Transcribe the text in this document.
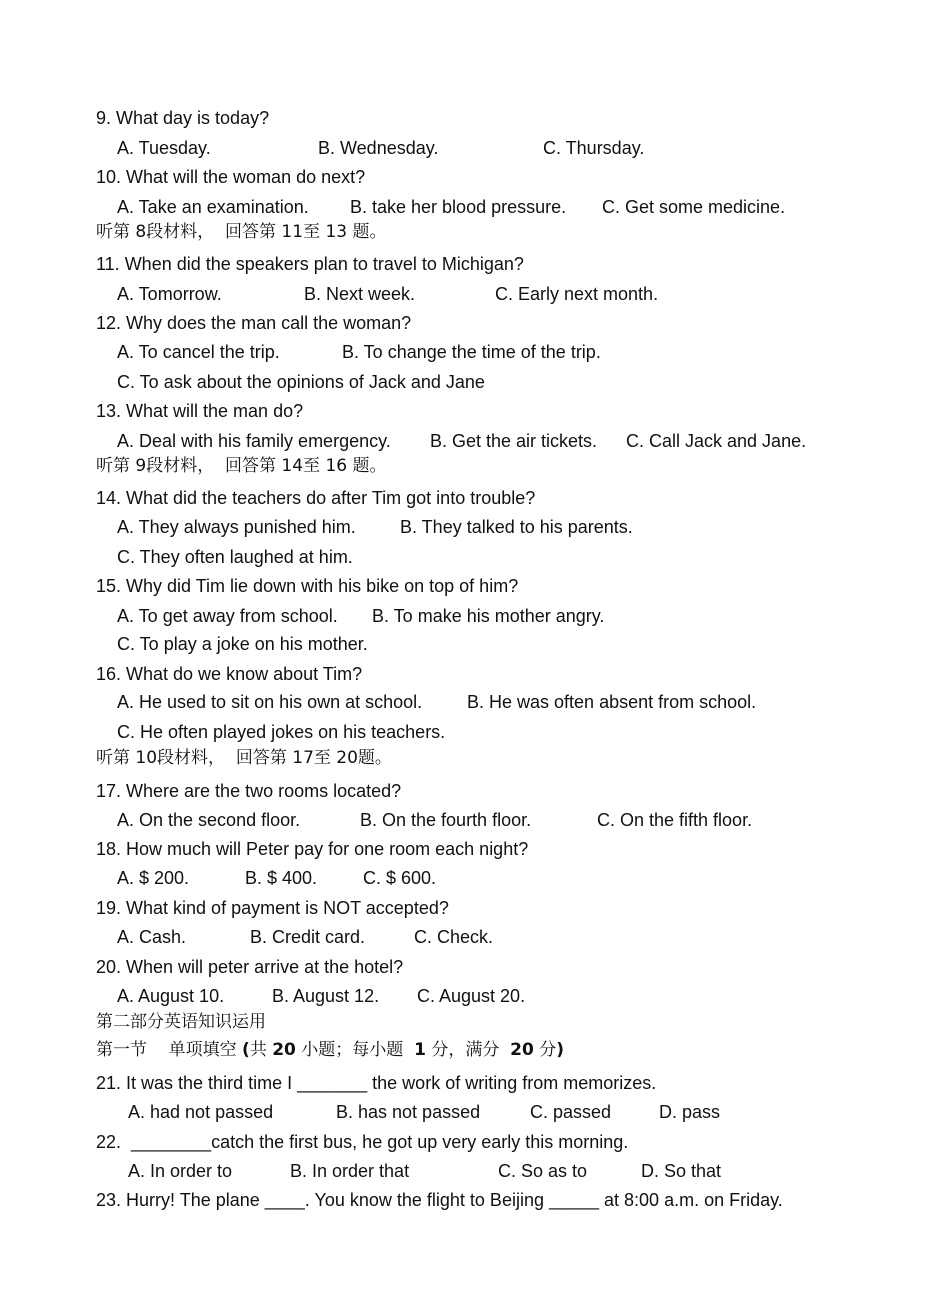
9. What day is today?
A. Tuesday.	B. Wednesday.	C. Thursday.
10. What will the woman do next?
A. Take an examination. B. take her blood pressure. C. Get some medicine.
听第 8段材料，  回答第 11至 13 题。
11. When did the speakers plan to travel to Michigan?
A. Tomorrow.	B. Next week.	C. Early next month.
12. Why does the man call the woman?
A. To cancel the trip.	B. To change the time of the trip.
C. To ask about the opinions of Jack and Jane
13. What will the man do?
A. Deal with his family emergency. B. Get the air tickets. C. Call Jack and Jane.
听第 9段材料，  回答第 14至 16 题。
14. What did the teachers do after Tim got into trouble?
A. They always punished him. B. They talked to his parents.
C. They often laughed at him.
15. Why did Tim lie down with his bike on top of him?
A. To get away from school. B. To make his mother angry.
C. To play a joke on his mother.
16. What do we know about Tim?
A. He used to sit on his own at school. B. He was often absent from school.
C. He often played jokes on his teachers.
听第 10段材料，  回答第 17至 20题。
17. Where are the two rooms located?
A. On the second floor.	B. On the fourth floor.	C. On the fifth floor.
18. How much will Peter pay for one room each night?
A. $ 200.	B. $ 400.	C. $ 600.
19. What kind of payment is NOT accepted?
A. Cash.	B. Credit card.	C. Check.
20. When will peter arrive at the hotel?
A. August 10.	B. August 12. C. August 20.
第二部分英语知识运用
第一节    单项填空 (共 20 小题；每小题  1 分，满分  20 分)
21. It was the third time I _______ the work of writing from memorizes.
A. had not passed	B. has not passed	C. passed	D. pass
22.  ________catch the first bus, he got up very early this morning.
A. In order to	B. In order that	C. So as to	D. So that
23. Hurry! The plane ____. You know the flight to Beijing _____ at 8:00 a.m. on Friday.
